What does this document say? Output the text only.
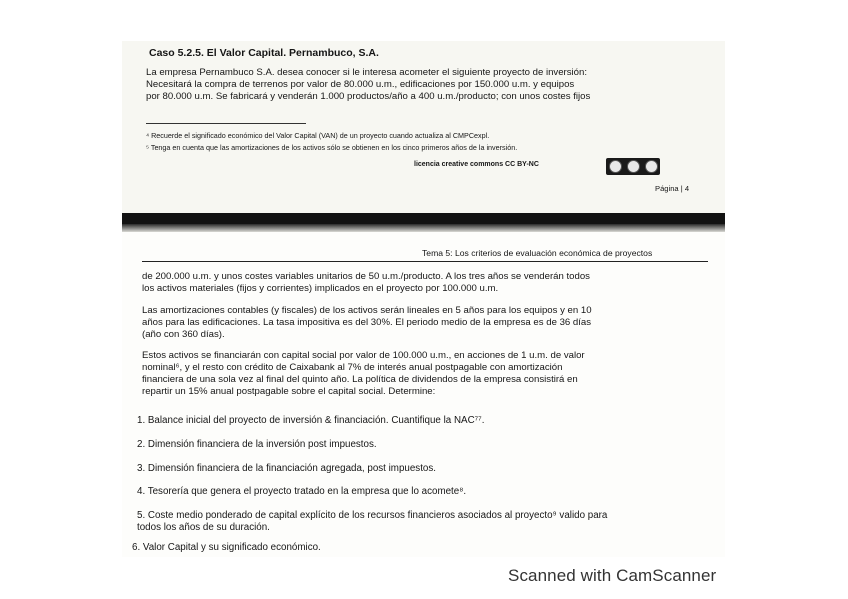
Caso 5.2.5. El Valor Capital. Pernambuco, S.A.
La empresa Pernambuco S.A. desea conocer si le interesa acometer el siguiente proyecto de inversión:
Necesitará la compra de terrenos por valor de 80.000 u.m., edificaciones por 150.000 u.m. y equipos
por 80.000 u.m. Se fabricará y venderán 1.000 productos/año a 400 u.m./producto; con unos costes fijos
⁴ Recuerde el significado económico del Valor Capital (VAN) de un proyecto cuando actualiza al CMPCexpl.
⁵ Tenga en cuenta que las amortizaciones de los activos sólo se obtienen en los cinco primeros años de la inversión.
licencia creative commons CC BY-NC
Página | 4
Tema 5: Los criterios de evaluación económica de proyectos
de 200.000 u.m. y unos costes variables unitarios de 50 u.m./producto. A los tres años se venderán todos
los activos materiales (fijos y corrientes) implicados en el proyecto por 100.000 u.m.
Las amortizaciones contables (y fiscales) de los activos serán lineales en 5 años para los equipos y en 10
años para las edificaciones. La tasa impositiva es del 30%. El periodo medio de la empresa es de 36 días
(año con 360 días).
Estos activos se financiarán con capital social por valor de 100.000 u.m., en acciones de 1 u.m. de valor
nominal⁶, y el resto con crédito de Caixabank al 7% de interés anual postpagable con amortización
financiera de una sola vez al final del quinto año. La política de dividendos de la empresa consistirá en
repartir un 15% anual postpagable sobre el capital social. Determine:
1. Balance inicial del proyecto de inversión & financiación. Cuantifique la NAC⁷⁷.
2. Dimensión financiera de la inversión post impuestos.
3. Dimensión financiera de la financiación agregada, post impuestos.
4. Tesorería que genera el proyecto tratado en la empresa que lo acomete⁸.
5. Coste medio ponderado de capital explícito de los recursos financieros asociados al proyecto⁹ valido para
todos los años de su duración.
6. Valor Capital y su significado económico.
Scanned with CamScanner
